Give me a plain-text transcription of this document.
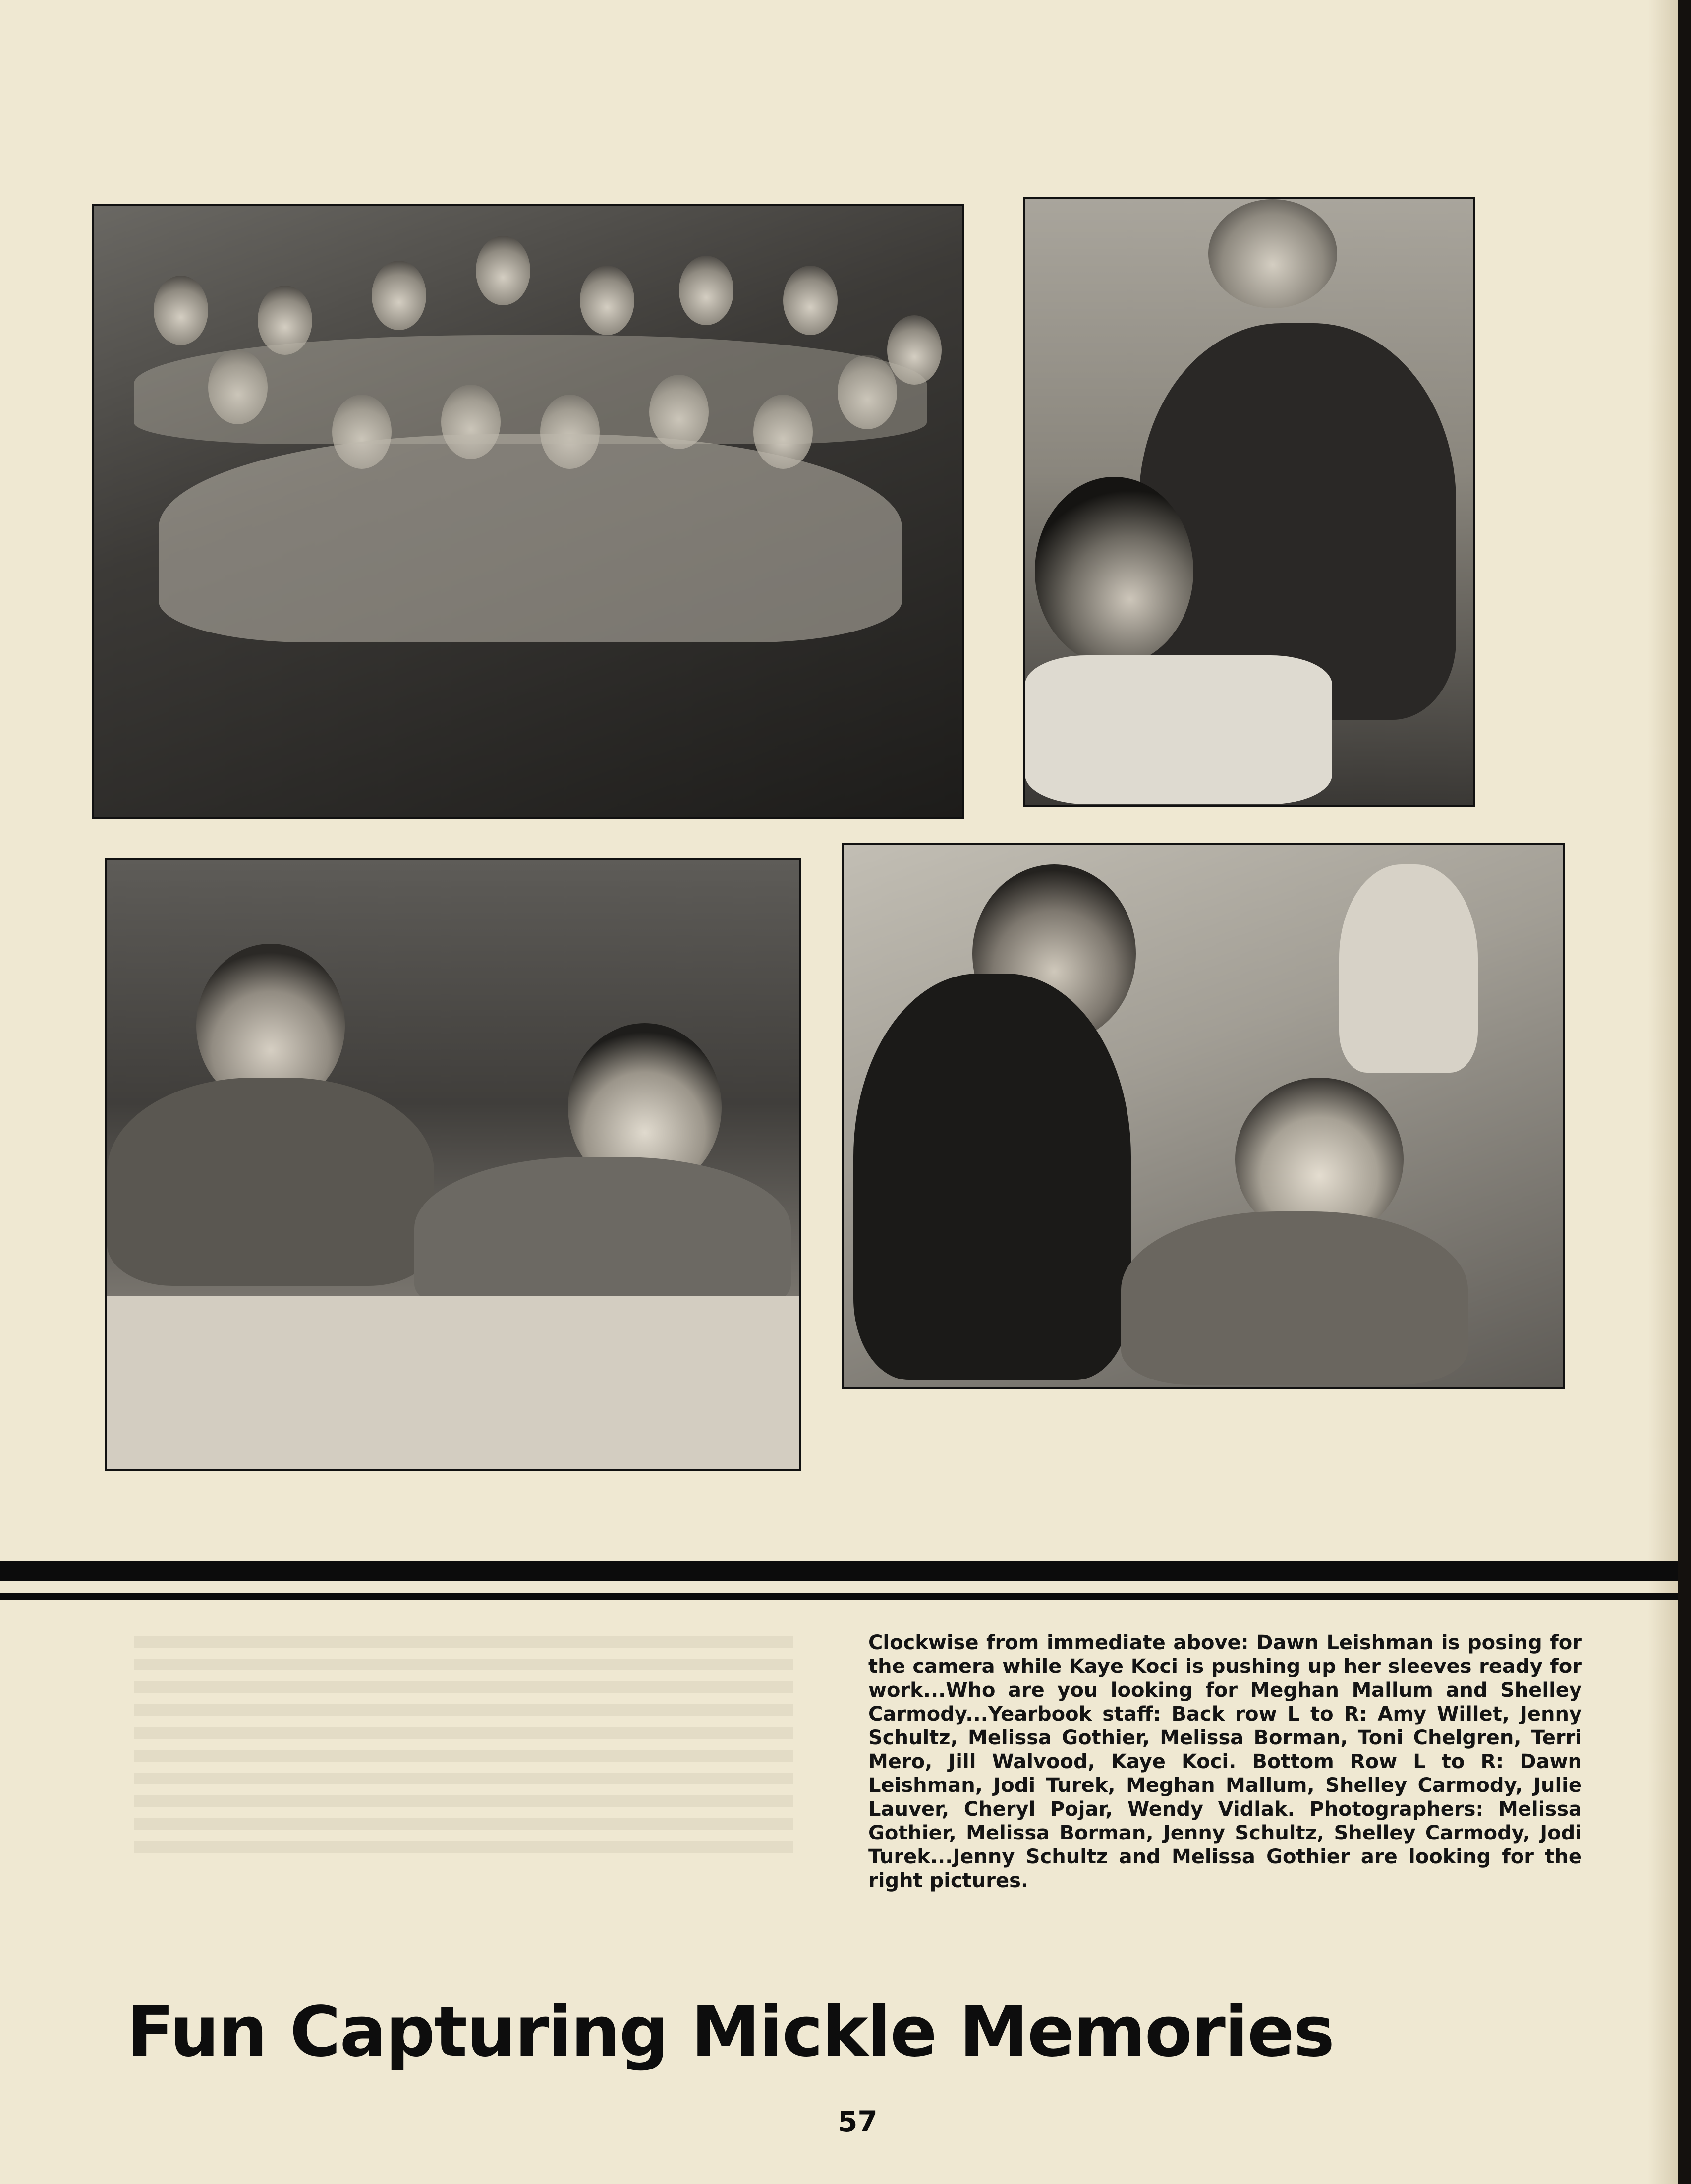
Clockwise from immediate above: Dawn Leishman is posing for the camera while Kaye Koci is pushing up her sleeves ready for work...Who are you looking for Meghan Mallum and Shelley Carmody...Yearbook staff: Back row L to R: Amy Willet, Jenny Schultz, Melissa Gothier, Melissa Borman, Toni Chelgren, Terri Mero, Jill Walvood, Kaye Koci. Bottom Row L to R: Dawn Leishman, Jodi Turek, Meghan Mallum, Shelley Carmody, Julie Lauver, Cheryl Pojar, Wendy Vidlak. Photographers: Melissa Gothier, Melissa Borman, Jenny Schultz, Shelley Carmody, Jodi Turek...Jenny Schultz and Melissa Gothier are looking for the right pictures.
Fun Capturing Mickle Memories
57
